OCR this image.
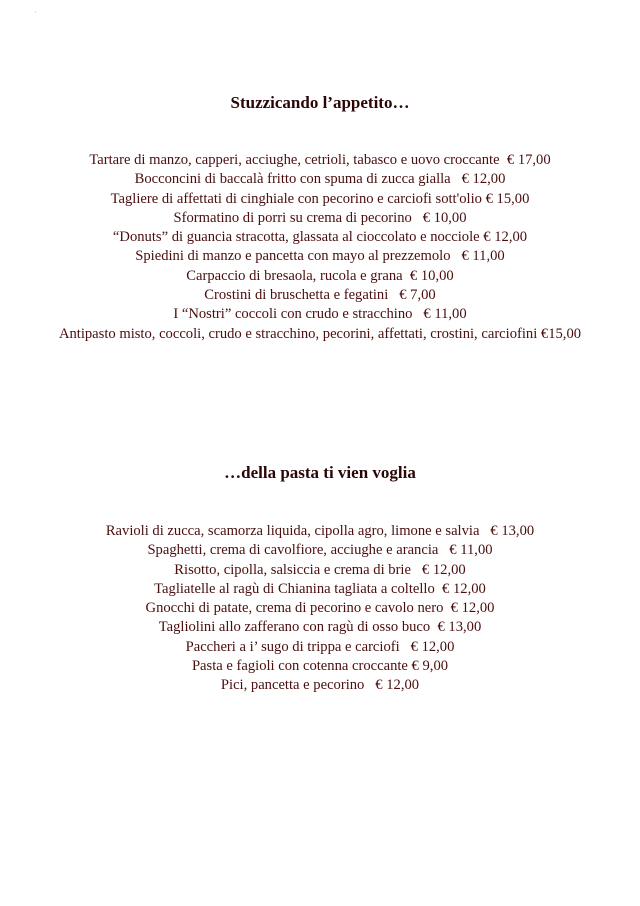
˙
Stuzzicando l’appetito…
Tartare di manzo, capperi, acciughe, cetrioli, tabasco e uovo croccante  € 17,00
Bocconcini di baccalà fritto con spuma di zucca gialla   € 12,00
Tagliere di affettati di cinghiale con pecorino e carciofi sott'olio € 15,00
Sformatino di porri su crema di pecorino   € 10,00
“Donuts” di guancia stracotta, glassata al cioccolato e nocciole € 12,00
Spiedini di manzo e pancetta con mayo al prezzemolo   € 11,00
Carpaccio di bresaola, rucola e grana  € 10,00
Crostini di bruschetta e fegatini   € 7,00
I “Nostri” coccoli con crudo e stracchino   € 11,00
Antipasto misto, coccoli, crudo e stracchino, pecorini, affettati, crostini, carciofini €15,00
…della pasta ti vien voglia
Ravioli di zucca, scamorza liquida, cipolla agro, limone e salvia   € 13,00
Spaghetti, crema di cavolfiore, acciughe e arancia   € 11,00
Risotto, cipolla, salsiccia e crema di brie   € 12,00
Tagliatelle al ragù di Chianina tagliata a coltello  € 12,00
Gnocchi di patate, crema di pecorino e cavolo nero  € 12,00
Tagliolini allo zafferano con ragù di osso buco  € 13,00
Paccheri a i’ sugo di trippa e carciofi   € 12,00
Pasta e fagioli con cotenna croccante € 9,00
Pici, pancetta e pecorino   € 12,00
